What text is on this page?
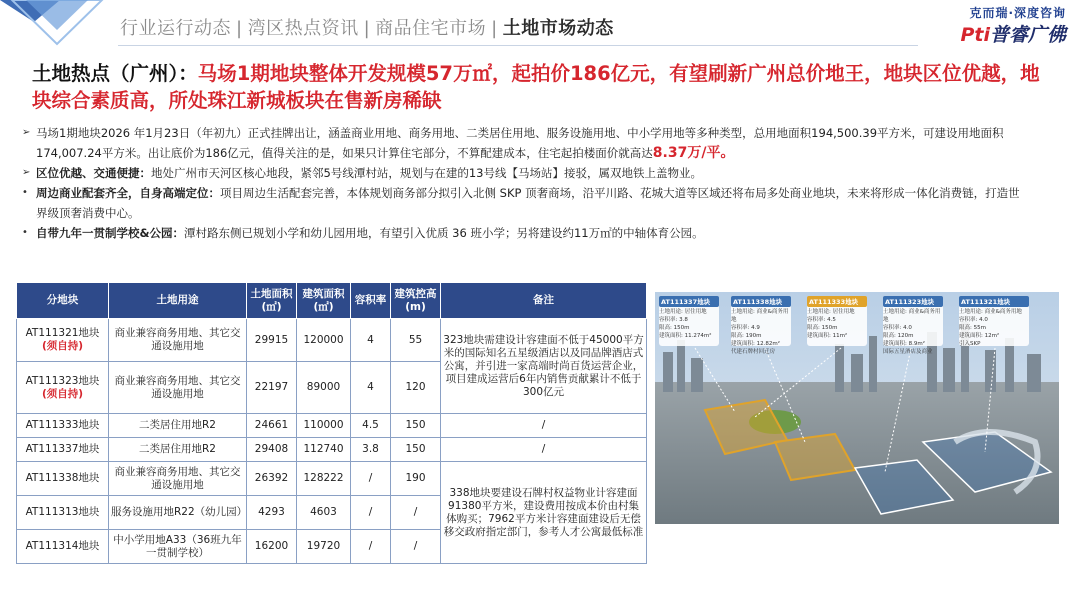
行业运行动态 | 湾区热点资讯 | 商品住宅市场 | 土地市场动态
克而瑞·深度咨询
Pti普睿广佛
土地热点（广州）：马场1期地块整体开发规模57万㎡，起拍价186亿元，有望刷新广州总价地王，地块区位优越，地块综合素质高，所处珠江新城板块在售新房稀缺
➢ 马场1期地块2026 年1月23日（年初九）正式挂牌出让，涵盖商业用地、商务用地、二类居住用地、服务设施用地、中小学用地等多种类型，总用地面积194,500.39平方米，可建设用地面积174,007.24平方米。出让底价为186亿元，值得关注的是，如果只计算住宅部分，不算配建成本，住宅起拍楼面价就高达8.37万/平。
➢ 区位优越、交通便捷：地处广州市天河区核心地段，紧邻5号线潭村站，规划与在建的13号线【马场站】接驳，属双地铁上盖物业。
• 周边商业配套齐全，自身高端定位：项目周边生活配套完善，本体规划商务部分拟引入北侧 SKP 顶奢商场，沿平川路、花城大道等区域还将布局多处商业地块，未来将形成一体化消费链，打造世界级顶奢消费中心。
• 自带九年一贯制学校&公园：潭村路东侧已规划小学和幼儿园用地，有望引入优质 36 班小学；另将建设约11万㎡的中轴体育公园。
分地块	土地用途	土地面积(㎡)	建筑面积(㎡)	容积率	建筑控高(m)	备注
AT111321地块
(须自持)	商业兼容商务用地、其它交通设施用地	29915	120000	4	55	323地块需建设计容建面不低于45000平方米的国际知名五星级酒店以及同品牌酒店式公寓，并引进一家高端时尚百货运营企业，项目建成运营后6年内销售贡献累计不低于300亿元
AT111323地块
(须自持)	商业兼容商务用地、其它交通设施用地	22197	89000	4	120	
AT111333地块	二类居住用地R2	24661	110000	4.5	150	/
AT111337地块	二类居住用地R2	29408	112740	3.8	150	/
AT111338地块	商业兼容商务用地、其它交通设施用地	26392	128222	/	190	338地块要建设石牌村权益物业计容建面91380平方米，建设费用按成本价由村集体购买；7962平方米计容建面建设后无偿移交政府指定部门，参考人才公寓最低标准
AT111313地块	服务设施用地R22（幼儿园）	4293	4603	/	/	
AT111314地块	中小学用地A33（36班九年一贯制学校）	16200	19720	/	/	
AT111337地块
土地用途: 居住用地
容积率: 3.8
限高: 150m
建筑面积: 11.274m²
AT111338地块
土地用途: 商业&商务用地
容积率: 4.9
限高: 190m
建筑面积: 12.82m²
代建石牌村回迁房
AT111333地块
土地用途: 居住用地
容积率: 4.5
限高: 150m
建筑面积: 11m²
AT111323地块
土地用途: 商业&商务用地
容积率: 4.0
限高: 120m
建筑面积: 8.9m²
国际五星酒店及商业
AT111321地块
土地用途: 商业&商务用地
容积率: 4.0
限高: 55m
建筑面积: 12m²
引入SKP
